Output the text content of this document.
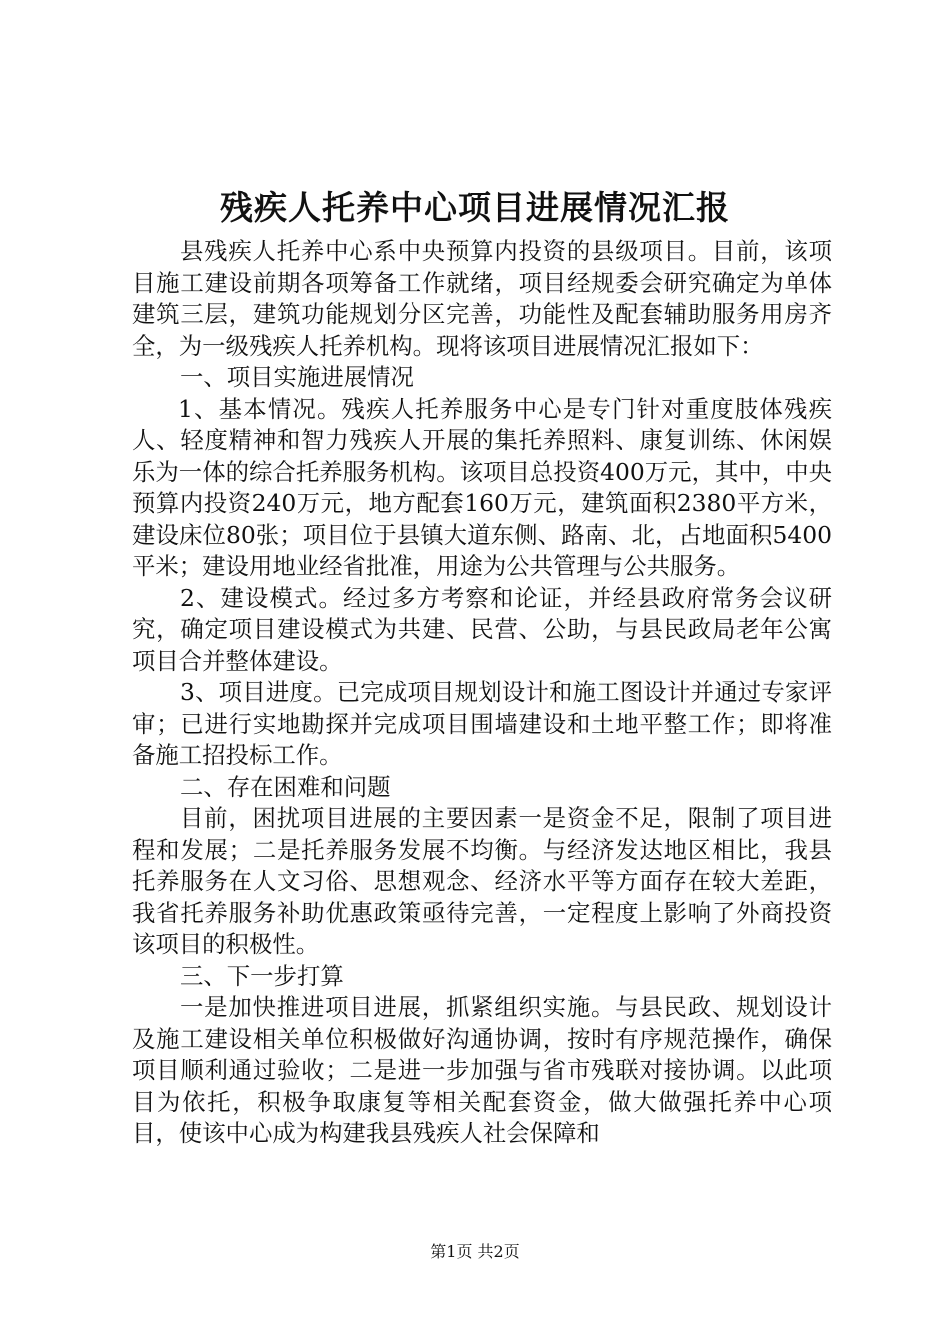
残疾人托养中心项目进展情况汇报

县残疾人托养中心系中央预算内投资的县级项目。目前，该项目施工建设前期各项筹备工作就绪，项目经规委会研究确定为单体建筑三层，建筑功能规划分区完善，功能性及配套辅助服务用房齐全，为一级残疾人托养机构。现将该项目进展情况汇报如下：

一、项目实施进展情况

1、基本情况。残疾人托养服务中心是专门针对重度肢体残疾人、轻度精神和智力残疾人开展的集托养照料、康复训练、休闲娱乐为一体的综合托养服务机构。该项目总投资400万元，其中，中央预算内投资240万元，地方配套160万元，建筑面积2380平方米，建设床位80张；项目位于县镇大道东侧、路南、北，占地面积5400平米；建设用地业经省批准，用途为公共管理与公共服务。

2、建设模式。经过多方考察和论证，并经县政府常务会议研究，确定项目建设模式为共建、民营、公助，与县民政局老年公寓项目合并整体建设。

3、项目进度。已完成项目规划设计和施工图设计并通过专家评审；已进行实地勘探并完成项目围墙建设和土地平整工作；即将准备施工招投标工作。

二、存在困难和问题

目前，困扰项目进展的主要因素一是资金不足，限制了项目进程和发展；二是托养服务发展不均衡。与经济发达地区相比，我县托养服务在人文习俗、思想观念、经济水平等方面存在较大差距，我省托养服务补助优惠政策亟待完善，一定程度上影响了外商投资该项目的积极性。

三、下一步打算

一是加快推进项目进展，抓紧组织实施。与县民政、规划设计及施工建设相关单位积极做好沟通协调，按时有序规范操作，确保项目顺利通过验收；二是进一步加强与省市残联对接协调。以此项目为依托，积极争取康复等相关配套资金，做大做强托养中心项目，使该中心成为构建我县残疾人社会保障和

第1页 共2页
